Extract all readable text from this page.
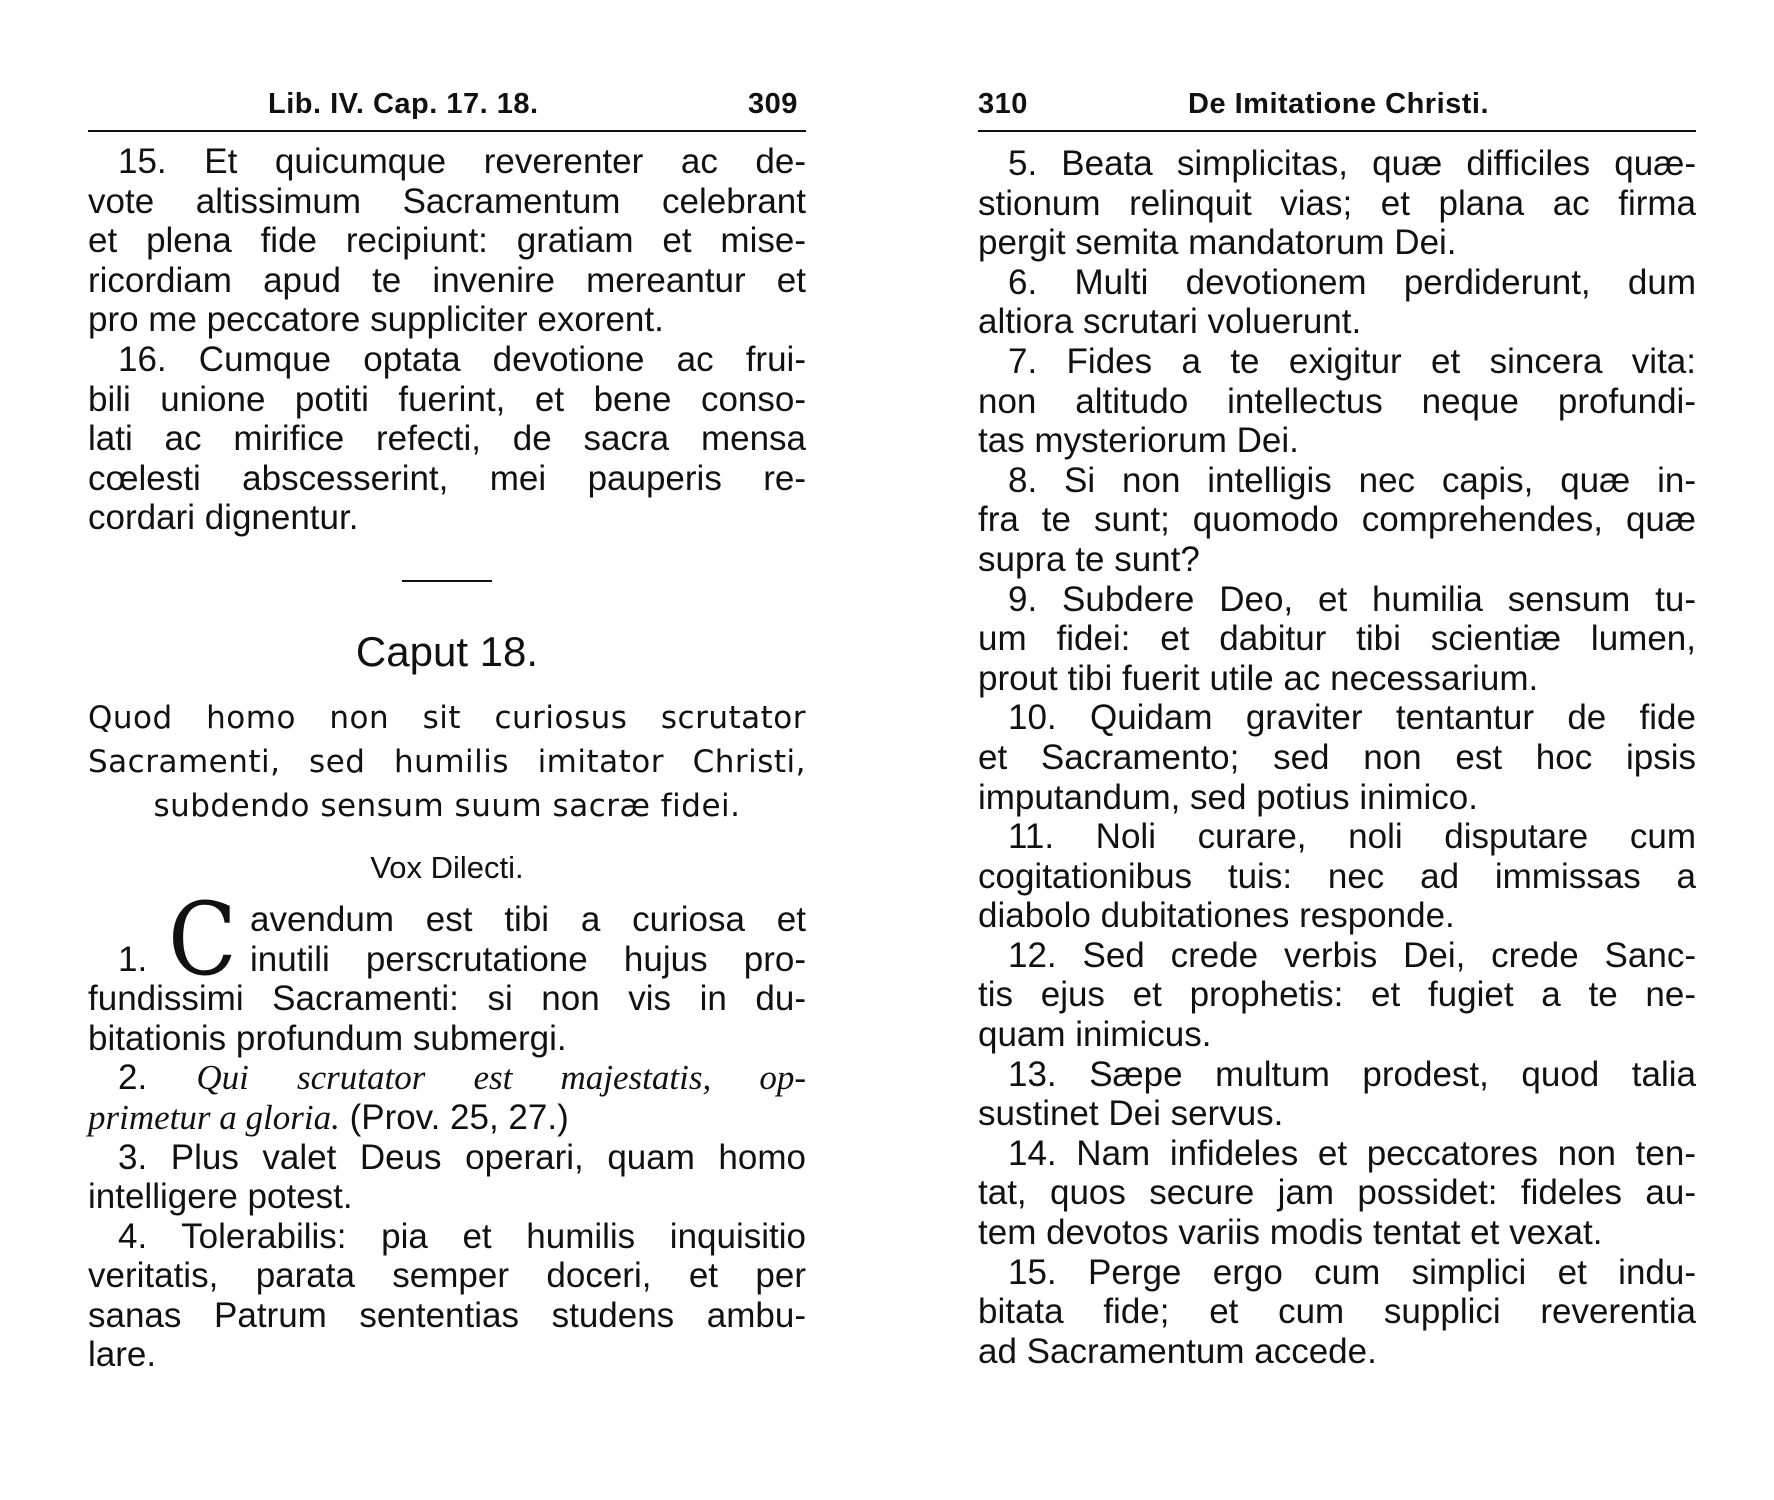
Lib. IV. Cap. 17. 18.	309

15. Et quicumque reverenter ac de-
vote altissimum Sacramentum celebrant
et plena fide recipiunt: gratiam et mise-
ricordiam apud te invenire mereantur et
pro me peccatore suppliciter exorent.

16. Cumque optata devotione ac frui-
bili unione potiti fuerint, et bene conso-
lati ac mirifice refecti, de sacra mensa
cœlesti abscesserint, mei pauperis re-
cordari dignentur.

Caput 18.
Quod homo non sit curiosus scrutator
Sacramenti, sed humilis imitator Christi,
subdendo sensum suum sacræ fidei.
Vox Dilecti.
C
1.
avendum est tibi a curiosa et
inutili perscrutatione hujus pro-
fundissimi Sacramenti: si non vis in du-
bitationis profundum submergi.
2. Qui scrutator est majestatis, op-
primetur a gloria. (Prov. 25, 27.)
3. Plus valet Deus operari, quam homo
intelligere potest.
4. Tolerabilis: pia et humilis inquisitio
veritatis, parata semper doceri, et per
sanas Patrum sententias studens ambu-
lare.
310	De Imitatione Christi.
5. Beata simplicitas, quæ difficiles quæ-
stionum relinquit vias; et plana ac firma
pergit semita mandatorum Dei.
6. Multi devotionem perdiderunt, dum
altiora scrutari voluerunt.
7. Fides a te exigitur et sincera vita:
non altitudo intellectus neque profundi-
tas mysteriorum Dei.
8. Si non intelligis nec capis, quæ in-
fra te sunt; quomodo comprehendes, quæ
supra te sunt?
9. Subdere Deo, et humilia sensum tu-
um fidei: et dabitur tibi scientiæ lumen,
prout tibi fuerit utile ac necessarium.
10. Quidam graviter tentantur de fide
et Sacramento; sed non est hoc ipsis
imputandum, sed potius inimico.
11. Noli curare, noli disputare cum
cogitationibus tuis: nec ad immissas a
diabolo dubitationes responde.
12. Sed crede verbis Dei, crede Sanc-
tis ejus et prophetis: et fugiet a te ne-
quam inimicus.
13. Sæpe multum prodest, quod talia
sustinet Dei servus.
14. Nam infideles et peccatores non ten-
tat, quos secure jam possidet: fideles au-
tem devotos variis modis tentat et vexat.
15. Perge ergo cum simplici et indu-
bitata fide; et cum supplici reverentia
ad Sacramentum accede.
